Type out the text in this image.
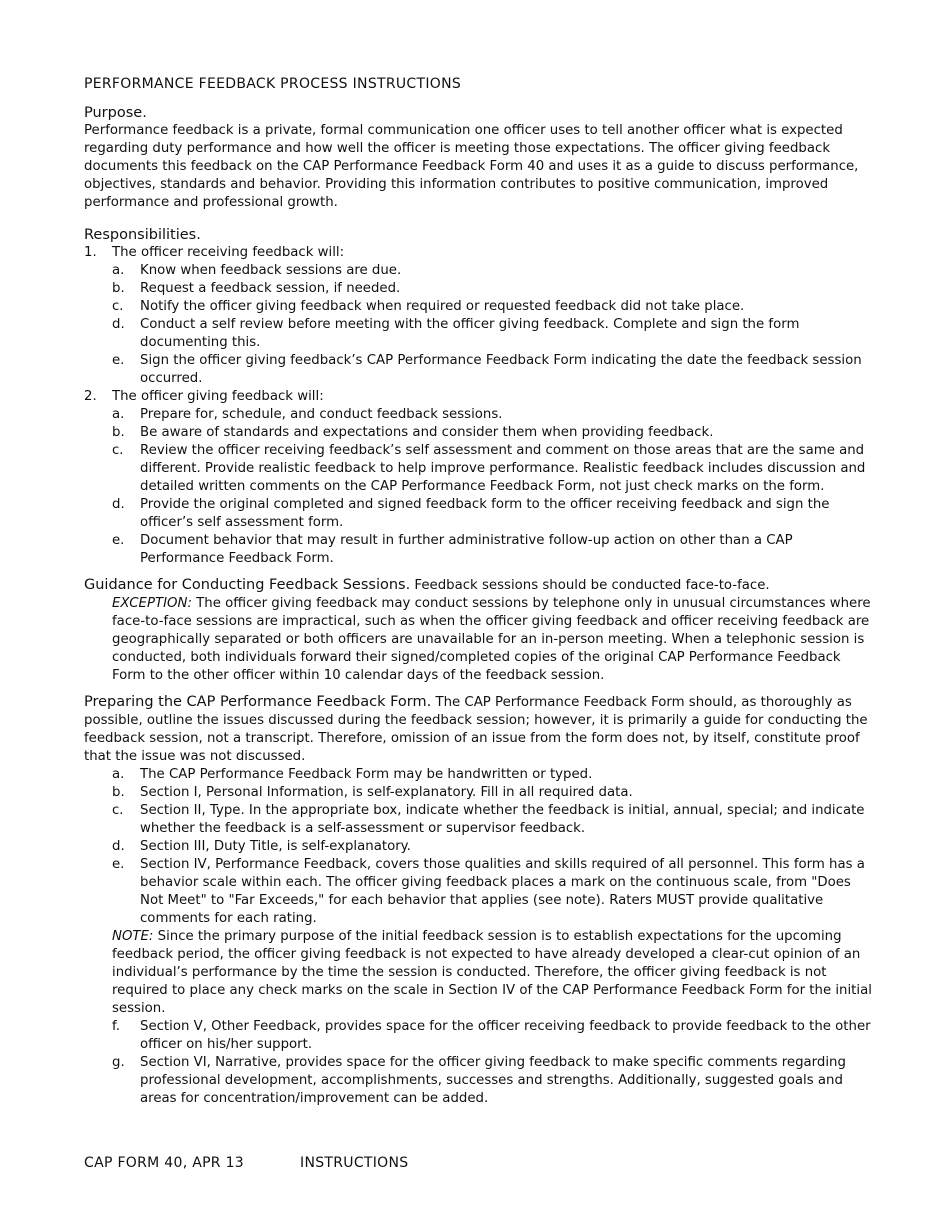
PERFORMANCE FEEDBACK PROCESS INSTRUCTIONS
Purpose.

Performance feedback is a private, formal communication one officer uses to tell another officer what is expected regarding duty performance and how well the officer is meeting those expectations. The officer giving feedback documents this feedback on the CAP Performance Feedback Form 40 and uses it as a guide to discuss performance, objectives, standards and behavior. Providing this information contributes to positive communication, improved performance and professional growth.

Responsibilities.
1.	The officer receiving feedback will:
a.	Know when feedback sessions are due.
b.	Request a feedback session, if needed.
c.	Notify the officer giving feedback when required or requested feedback did not take place.
d.	Conduct a self review before meeting with the officer giving feedback. Complete and sign the form documenting this.
e.	Sign the officer giving feedback’s CAP Performance Feedback Form indicating the date the feedback session occurred.
2.	The officer giving feedback will:
a.	Prepare for, schedule, and conduct feedback sessions.
b.	Be aware of standards and expectations and consider them when providing feedback.
c.	Review the officer receiving feedback’s self assessment and comment on those areas that are the same and different. Provide realistic feedback to help improve performance. Realistic feedback includes discussion and detailed written comments on the CAP Performance Feedback Form, not just check marks on the form.
d.	Provide the original completed and signed feedback form to the officer receiving feedback and sign the officer’s self assessment form.
e.	Document behavior that may result in further administrative follow-up action on other than a CAP Performance Feedback Form.

Guidance for Conducting Feedback Sessions. Feedback sessions should be conducted face-to-face.

EXCEPTION: The officer giving feedback may conduct sessions by telephone only in unusual circumstances where face-to-face sessions are impractical, such as when the officer giving feedback and officer receiving feedback are geographically separated or both officers are unavailable for an in-person meeting. When a telephonic session is conducted, both individuals forward their signed/completed copies of the original CAP Performance Feedback Form to the other officer within 10 calendar days of the feedback session.

Preparing the CAP Performance Feedback Form. The CAP Performance Feedback Form should, as thoroughly as possible, outline the issues discussed during the feedback session; however, it is primarily a guide for conducting the feedback session, not a transcript. Therefore, omission of an issue from the form does not, by itself, constitute proof that the issue was not discussed.

a.	The CAP Performance Feedback Form may be handwritten or typed.
b.	Section I, Personal Information, is self-explanatory. Fill in all required data.
c.	Section II, Type. In the appropriate box, indicate whether the feedback is initial, annual, special; and indicate whether the feedback is a self-assessment or supervisor feedback.
d.	Section III, Duty Title, is self-explanatory.
e.	Section IV, Performance Feedback, covers those qualities and skills required of all personnel. This form has a behavior scale within each. The officer giving feedback places a mark on the continuous scale, from "Does Not Meet" to "Far Exceeds," for each behavior that applies (see note). Raters MUST provide qualitative comments for each rating.

NOTE: Since the primary purpose of the initial feedback session is to establish expectations for the upcoming feedback period, the officer giving feedback is not expected to have already developed a clear-cut opinion of an individual’s performance by the time the session is conducted. Therefore, the officer giving feedback is not required to place any check marks on the scale in Section IV of the CAP Performance Feedback Form for the initial session.

f.	Section V, Other Feedback, provides space for the officer receiving feedback to provide feedback to the other officer on his/her support.
g.	Section VI, Narrative, provides space for the officer giving feedback to make specific comments regarding professional development, accomplishments, successes and strengths. Additionally, suggested goals and areas for concentration/improvement can be added.
CAP FORM 40, APR 13	INSTRUCTIONS
